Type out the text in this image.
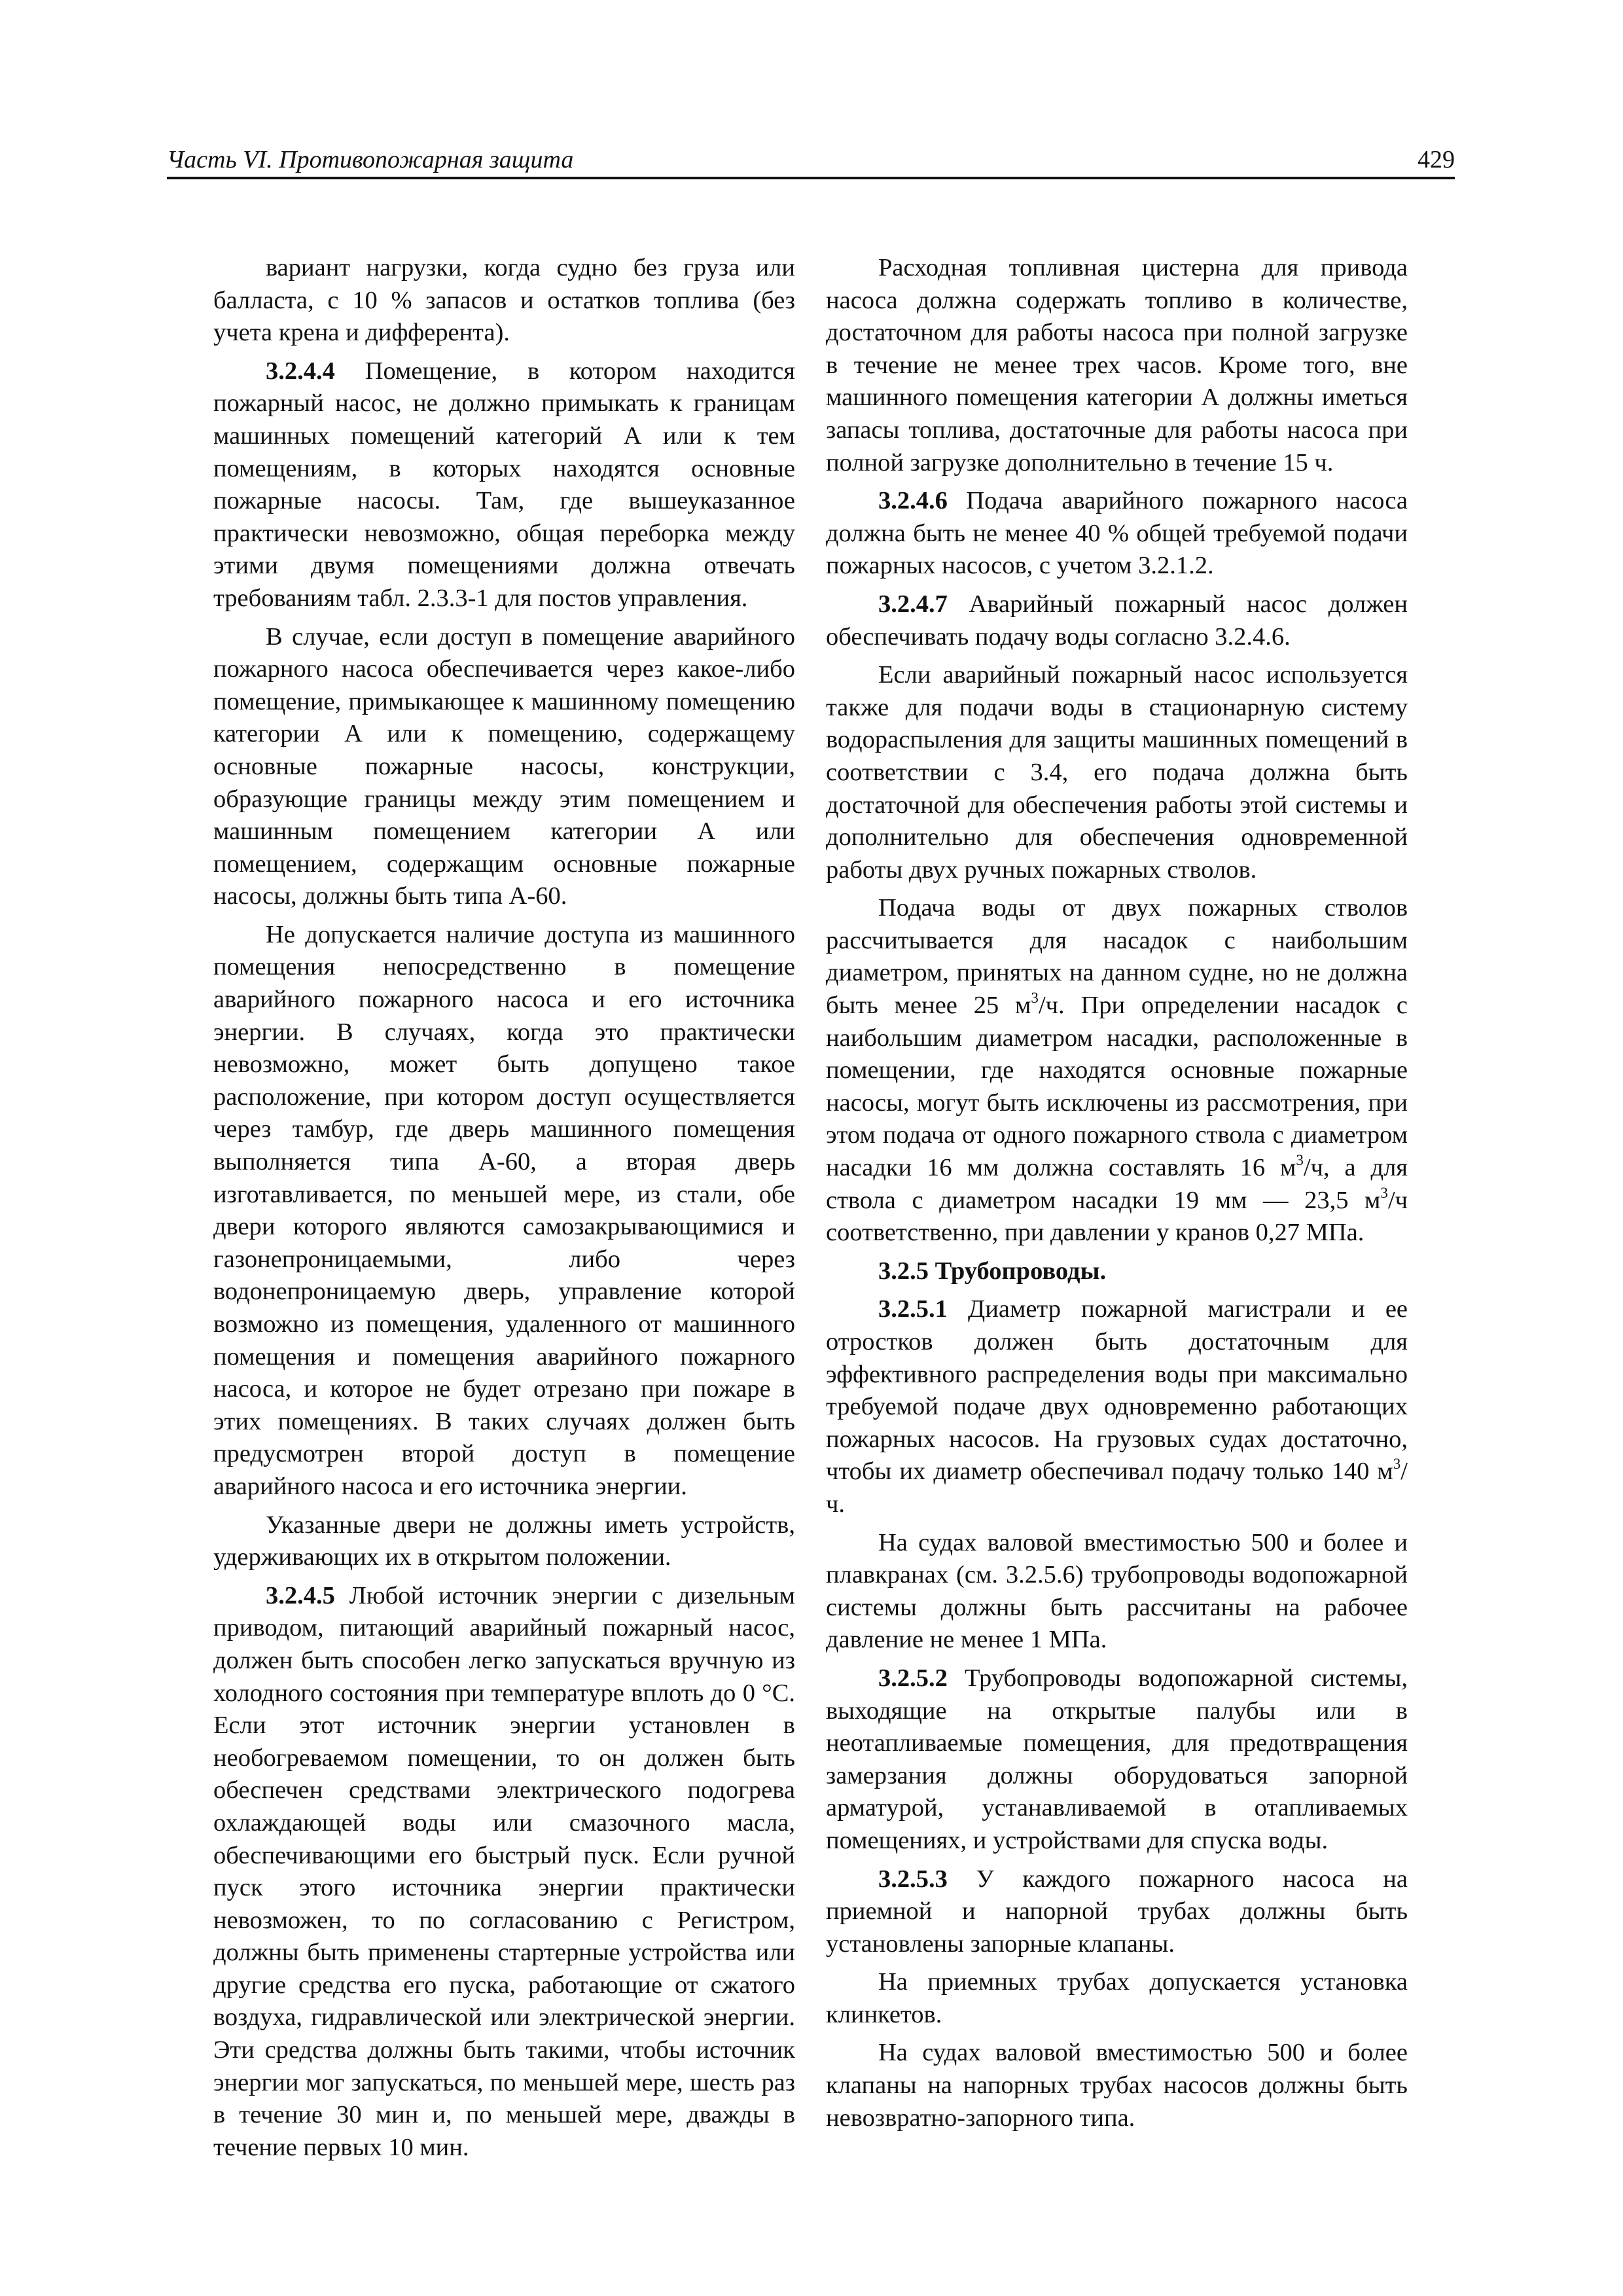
Часть VI. Противопожарная защита	429

вариант нагрузки, когда судно без груза или балласта, с 10 % запасов и остатков топлива (без учета крена и дифферента).

3.2.4.4 Помещение, в котором находится пожарный насос, не должно примыкать к границам машинных помещений категорий А или к тем помещениям, в которых находятся основные пожарные насосы. Там, где вышеуказанное практически невозможно, общая переборка между этими двумя помещениями должна отвечать требованиям табл. 2.3.3-1 для постов управления.

В случае, если доступ в помещение аварийного пожарного насоса обеспечивается через какое-либо помещение, примыкающее к машинному помещению категории А или к помещению, содержащему основные пожарные насосы, конструкции, образующие границы между этим помещением и машинным помещением категории А или помещением, содержащим основные пожарные насосы, должны быть типа А-60.

Не допускается наличие доступа из машинного помещения непосредственно в помещение аварийного пожарного насоса и его источника энергии. В случаях, когда это практически невозможно, может быть допущено такое расположение, при котором доступ осуществляется через тамбур, где дверь машинного помещения выполняется типа А-60, а вторая дверь изготавливается, по меньшей мере, из стали, обе двери которого являются самозакрывающимися и газонепроницаемыми, либо через водонепроницаемую дверь, управление которой возможно из помещения, удаленного от машинного помещения и помещения аварийного пожарного насоса, и которое не будет отрезано при пожаре в этих помещениях. В таких случаях должен быть предусмотрен второй доступ в помещение аварийного насоса и его источника энергии.

Указанные двери не должны иметь устройств, удерживающих их в открытом положении.

3.2.4.5 Любой источник энергии с дизельным приводом, питающий аварийный пожарный насос, должен быть способен легко запускаться вручную из холодного состояния при температуре вплоть до 0 °С. Если этот источник энергии установлен в необогреваемом помещении, то он должен быть обеспечен средствами электрического подогрева охлаждающей воды или смазочного масла, обеспечивающими его быстрый пуск. Если ручной пуск этого источника энергии практически невозможен, то по согласованию с Регистром, должны быть применены стартерные устройства или другие средства его пуска, работающие от сжатого воздуха, гидравлической или электрической энергии. Эти средства должны быть такими, чтобы источник энергии мог запускаться, по меньшей мере, шесть раз в течение 30 мин и, по меньшей мере, дважды в течение первых 10 мин.

Расходная топливная цистерна для привода насоса должна содержать топливо в количестве, достаточном для работы насоса при полной загрузке в течение не менее трех часов. Кроме того, вне машинного помещения категории А должны иметься запасы топлива, достаточные для работы насоса при полной загрузке дополнительно в течение 15 ч.

3.2.4.6 Подача аварийного пожарного насоса должна быть не менее 40 % общей требуемой подачи пожарных насосов, с учетом 3.2.1.2.

3.2.4.7 Аварийный пожарный насос должен обеспечивать подачу воды согласно 3.2.4.6.

Если аварийный пожарный насос используется также для подачи воды в стационарную систему водораспыления для защиты машинных помещений в соответствии с 3.4, его подача должна быть достаточной для обеспечения работы этой системы и дополнительно для обеспечения одновременной работы двух ручных пожарных стволов.

Подача воды от двух пожарных стволов рассчитывается для насадок с наибольшим диаметром, принятых на данном судне, но не должна быть менее 25 $м^3/ч$. При определении насадок с наибольшим диаметром насадки, расположенные в помещении, где находятся основные пожарные насосы, могут быть исключены из рассмотрения, при этом подача от одного пожарного ствола с диаметром насадки 16 мм должна составлять 16 $м^3/ч$, а для ствола с диаметром насадки 19 мм — 23,5 $м^3/ч$ соответственно, при давлении у кранов 0,27 МПа.

3.2.5 Трубопроводы.

3.2.5.1 Диаметр пожарной магистрали и ее отростков должен быть достаточным для эффективного распределения воды при максимально требуемой подаче двух одновременно работающих пожарных насосов. На грузовых судах достаточно, чтобы их диаметр обеспечивал подачу только 140 $м^3/ч$.

На судах валовой вместимостью 500 и более и плавкранах (см. 3.2.5.6) трубопроводы водопожарной системы должны быть рассчитаны на рабочее давление не менее 1 МПа.

3.2.5.2 Трубопроводы водопожарной системы, выходящие на открытые палубы или в неотапливаемые помещения, для предотвращения замерзания должны оборудоваться запорной арматурой, устанавливаемой в отапливаемых помещениях, и устройствами для спуска воды.

3.2.5.3 У каждого пожарного насоса на приемной и напорной трубах должны быть установлены запорные клапаны.

На приемных трубах допускается установка клинкетов.

На судах валовой вместимостью 500 и более клапаны на напорных трубах насосов должны быть невозвратно-запорного типа.
